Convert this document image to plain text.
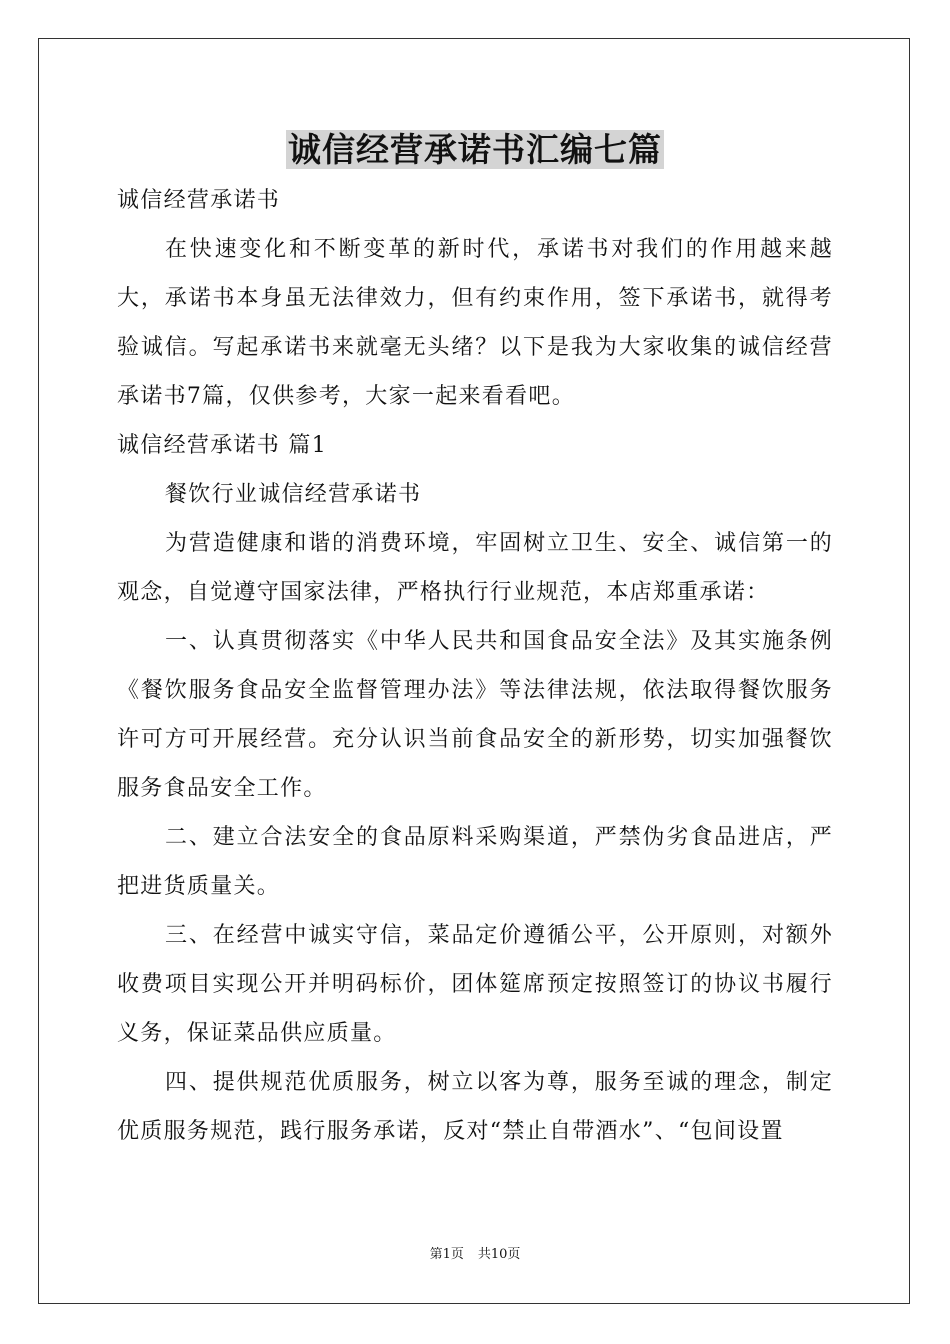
诚信经营承诺书汇编七篇

诚信经营承诺书

在快速变化和不断变革的新时代，承诺书对我们的作用越来越大，承诺书本身虽无法律效力，但有约束作用，签下承诺书，就得考验诚信。写起承诺书来就毫无头绪？以下是我为大家收集的诚信经营承诺书7篇，仅供参考，大家一起来看看吧。

诚信经营承诺书 篇1

餐饮行业诚信经营承诺书

为营造健康和谐的消费环境，牢固树立卫生、安全、诚信第一的观念，自觉遵守国家法律，严格执行行业规范，本店郑重承诺：

一、认真贯彻落实《中华人民共和国食品安全法》及其实施条例《餐饮服务食品安全监督管理办法》等法律法规，依法取得餐饮服务许可方可开展经营。充分认识当前食品安全的新形势，切实加强餐饮服务食品安全工作。

二、建立合法安全的食品原料采购渠道，严禁伪劣食品进店，严把进货质量关。

三、在经营中诚实守信，菜品定价遵循公平，公开原则，对额外收费项目实现公开并明码标价，团体筵席预定按照签订的协议书履行义务，保证菜品供应质量。

四、提供规范优质服务，树立以客为尊，服务至诚的理念，制定优质服务规范，践行服务承诺，反对“禁止自带酒水”、“包间设置

第1页 共10页
